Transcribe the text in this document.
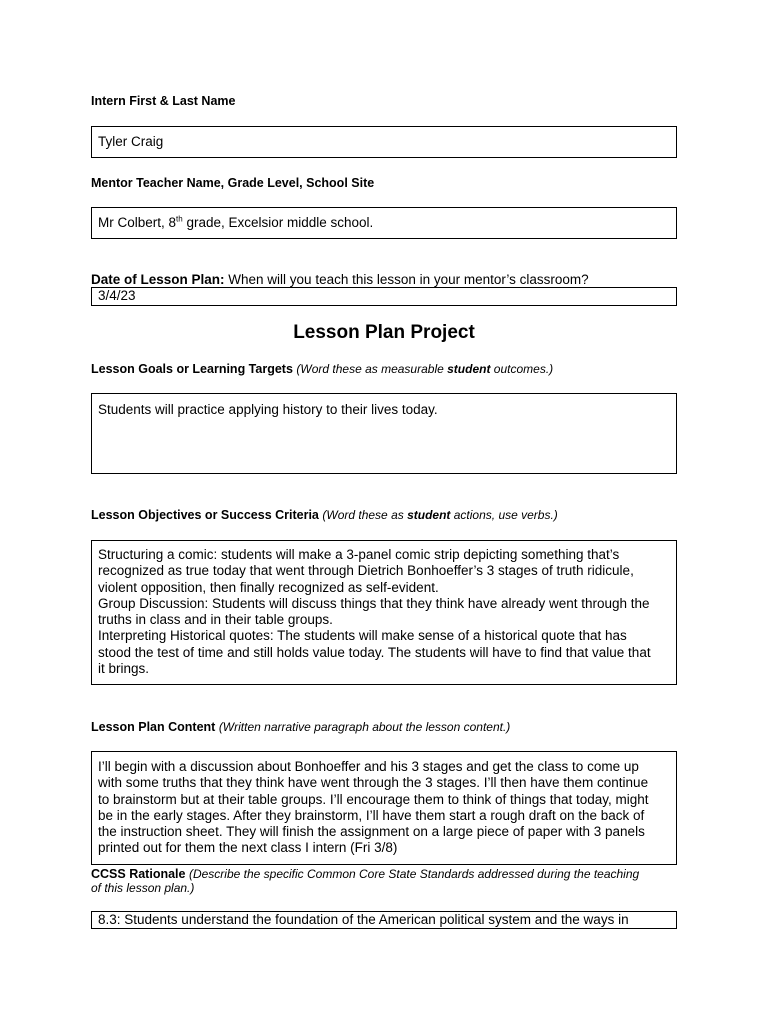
Intern First & Last Name
Tyler Craig
Mentor Teacher Name, Grade Level, School Site
Mr Colbert, 8th grade, Excelsior middle school.
Date of Lesson Plan: When will you teach this lesson in your mentor’s classroom?
3/4/23
Lesson Plan Project
Lesson Goals or Learning Targets (Word these as measurable student outcomes.)
Students will practice applying history to their lives today.
Lesson Objectives or Success Criteria (Word these as student actions, use verbs.)
Structuring a comic: students will make a 3-panel comic strip depicting something that’s
recognized as true today that went through Dietrich Bonhoeffer’s 3 stages of truth ridicule,
violent opposition, then finally recognized as self-evident.
Group Discussion: Students will discuss things that they think have already went through the
truths in class and in their table groups.
Interpreting Historical quotes: The students will make sense of a historical quote that has
stood the test of time and still holds value today. The students will have to find that value that
it brings.
Lesson Plan Content (Written narrative paragraph about the lesson content.)
I’ll begin with a discussion about Bonhoeffer and his 3 stages and get the class to come up
with some truths that they think have went through the 3 stages. I’ll then have them continue
to brainstorm but at their table groups. I’ll encourage them to think of things that today, might
be in the early stages. After they brainstorm, I’ll have them start a rough draft on the back of
the instruction sheet. They will finish the assignment on a large piece of paper with 3 panels
printed out for them the next class I intern (Fri 3/8)
CCSS Rationale (Describe the specific Common Core State Standards addressed during the teaching
of this lesson plan.)
8.3: Students understand the foundation of the American political system and the ways in
